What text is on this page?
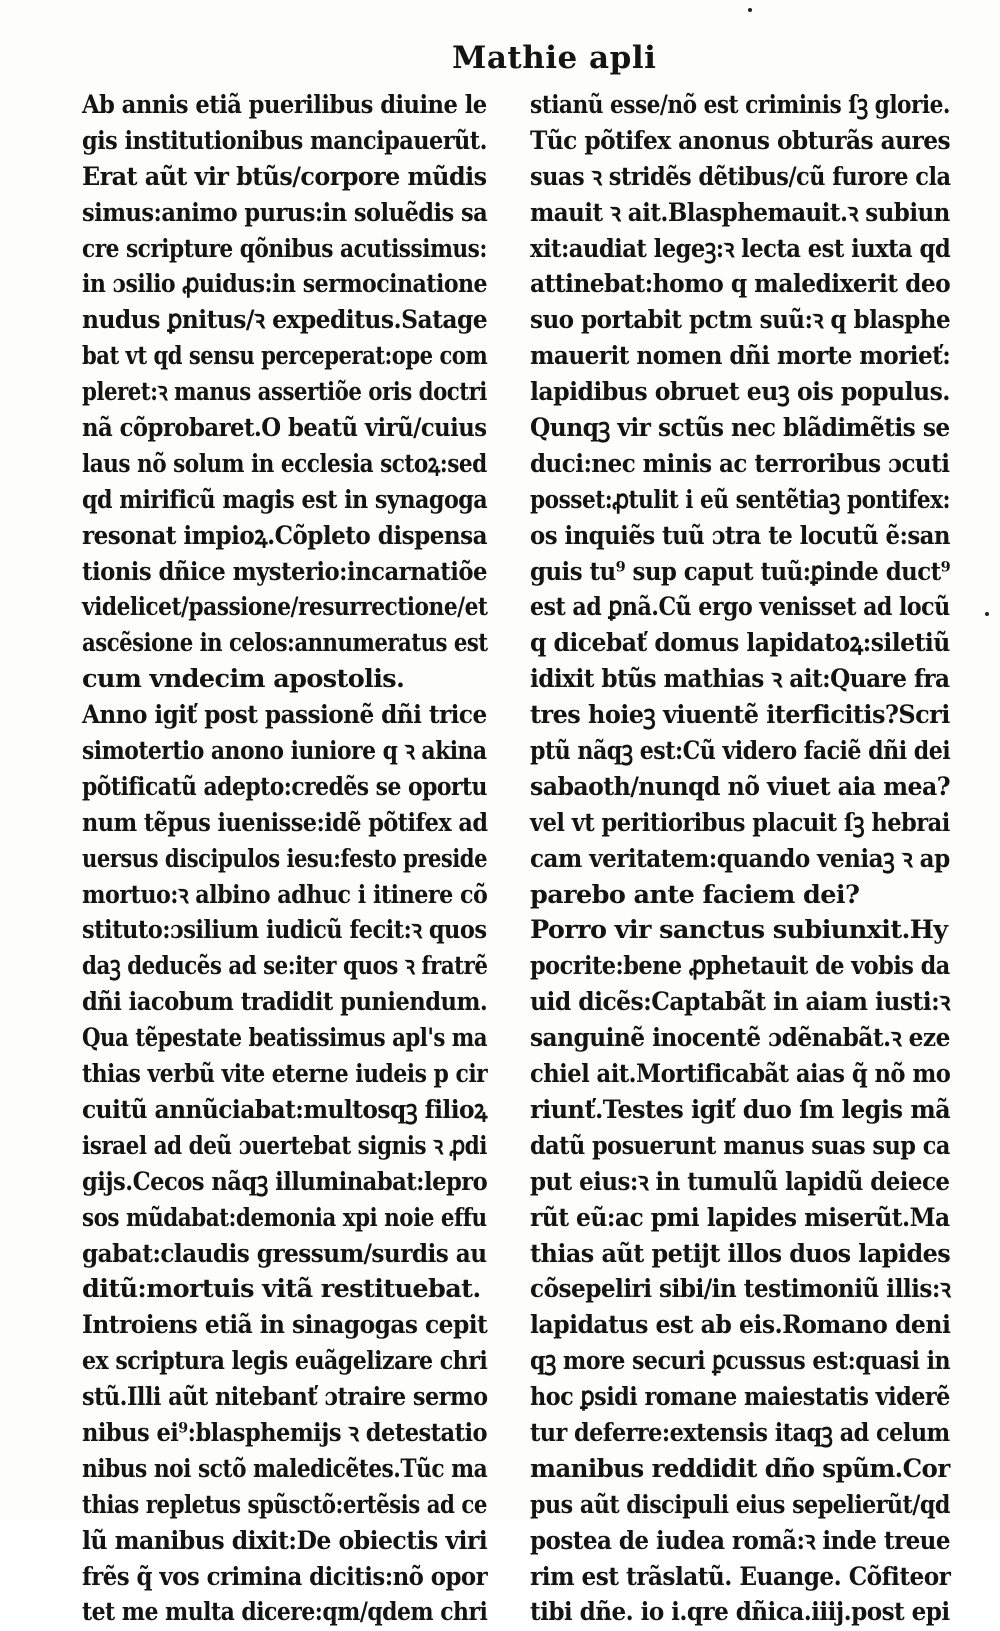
Mathie apli
Ab annis etiã puerilibus diuine le
gis institutionibus mancipauerũt.
Erat aũt vir btũs/corpore mũdis
simus:animo purus:in soluẽdis sa
cre scripture qõnibus acutissimus:
in ɔsilio ꝓuidus:in sermocinatione
nudus ꝑnitus/ꝛ expeditus.Satage
bat vt qd sensu perceperat:ope com
pleret:ꝛ manus assertiõe oris doctri
nã cõprobaret.O beatũ virũ/cuius
laus nõ solum in ecclesia sctoꝝ:sed
qd mirificũ magis est in synagoga
resonat impioꝝ.Cõpleto dispensa
tionis dñice mysterio:incarnatiõe
videlicet/passione/resurrectione/et
ascẽsione in celos:annumeratus est
cum vndecim apostolis.
Anno igiť post passionẽ dñi trice
simotertio anono iuniore q ꝛ akina
põtificatũ adepto:credẽs se oportu
num tẽpus iuenisse:idẽ põtifex ad
uersus discipulos iesu:festo preside
mortuo:ꝛ albino adhuc i itinere cõ
stituto:ɔsilium iudicũ fecit:ꝛ quos
daꝫ deducẽs ad se:iter quos ꝛ fratrẽ
dñi iacobum tradidit puniendum.
Qua tẽpestate beatissimus apl's ma
thias verbũ vite eterne iudeis p cir
cuitũ annũciabat:multosqꝫ filioꝝ
israel ad deũ ɔuertebat signis ꝛ ꝓdi
gijs.Cecos nãqꝫ illuminabat:lepro
sos mũdabat:demonia xpi noie effu
gabat:claudis gressum/surdis au
ditũ:mortuis vitã restituebat.
Introiens etiã in sinagogas cepit
ex scriptura legis euãgelizare chri
stũ.Illi aũt nitebanť ɔtraire sermo
nibus ei⁹:blasphemijs ꝛ detestatio
nibus noi sctõ maledicẽtes.Tũc ma
thias repletus spũsctõ:ertẽsis ad ce
lũ manibus dixit:De obiectis viri
frẽs q̃ vos crimina dicitis:nõ opor
tet me multa dicere:qm/qdem chri
stianũ esse/nõ est criminis ſꝫ glorie.
Tũc põtifex anonus obturãs aures
suas ꝛ stridẽs dẽtibus/cũ furore cla
mauit ꝛ ait.Blasphemauit.ꝛ subiun
xit:audiat legeꝫ:ꝛ lecta est iuxta qd
attinebat:homo q maledixerit deo
suo portabit pctm suũ:ꝛ q blasphe
mauerit nomen dñi morte morieť:
lapidibus obruet euꝫ ois populus.
Qunqꝫ vir sctũs nec blãdimẽtis se
duci:nec minis ac terroribus ɔcuti
posset:ꝓtulit i eũ sentẽtiaꝫ pontifex:
os inquiẽs tuũ ɔtra te locutũ ẽ:san
guis tu⁹ sup caput tuũ:ꝑinde duct⁹
est ad ꝑnã.Cũ ergo venisset ad locũ
q dicebať domus lapidatoꝝ:siletiũ
idixit btũs mathias ꝛ ait:Quare fra
tres hoieꝫ viuentẽ iterficitis?Scri
ptũ nãqꝫ est:Cũ videro faciẽ dñi dei
sabaoth/nunqd nõ viuet aia mea?
vel vt peritioribus placuit ſꝫ hebrai
cam veritatem:quando veniaꝫ ꝛ ap
parebo ante faciem dei?
Porro vir sanctus subiunxit.Hy
pocrite:bene ꝓphetauit de vobis da
uid dicẽs:Captabãt in aiam iusti:ꝛ
sanguinẽ inocentẽ ɔdẽnabãt.ꝛ eze
chiel ait.Mortificabãt aias q̃ nõ mo
riunť.Testes igiť duo ſm legis mã
datũ posuerunt manus suas sup ca
put eius:ꝛ in tumulũ lapidũ deiece
rũt eũ:ac pmi lapides miserũt.Ma
thias aũt petijt illos duos lapides
cõsepeliri sibi/in testimoniũ illis:ꝛ
lapidatus est ab eis.Romano deni
qꝫ more securi ꝑcussus est:quasi in
hoc ꝑsidi romane maiestatis viderẽ
tur deferre:extensis itaqꝫ ad celum
manibus reddidit dño spũm.Cor
pus aũt discipuli eius sepelierũt/qd
postea de iudea romã:ꝛ inde treue
rim est trãslatũ. Euange. Cõfiteor
tibi dñe. io i.qre dñica.iiij.post epi
